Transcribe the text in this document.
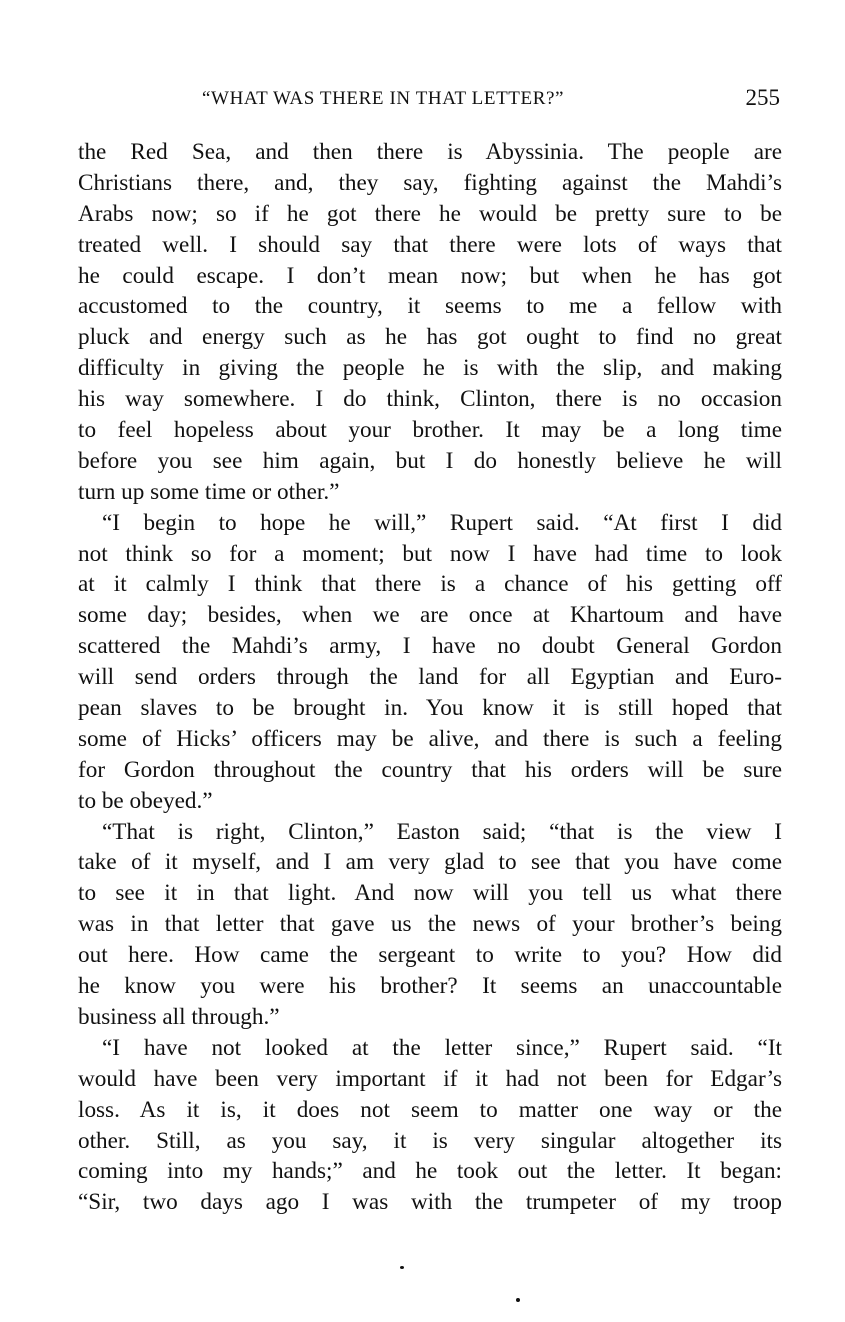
“WHAT WAS THERE IN THAT LETTER?”	255
the Red Sea, and then there is Abyssinia. The people are
Christians there, and, they say, fighting against the Mahdi’s
Arabs now; so if he got there he would be pretty sure to be
treated well. I should say that there were lots of ways that
he could escape. I don’t mean now; but when he has got
accustomed to the country, it seems to me a fellow with
pluck and energy such as he has got ought to find no great
difficulty in giving the people he is with the slip, and making
his way somewhere. I do think, Clinton, there is no occasion
to feel hopeless about your brother. It may be a long time
before you see him again, but I do honestly believe he will
turn up some time or other.”
“I begin to hope he will,” Rupert said. “At first I did
not think so for a moment; but now I have had time to look
at it calmly I think that there is a chance of his getting off
some day; besides, when we are once at Khartoum and have
scattered the Mahdi’s army, I have no doubt General Gordon
will send orders through the land for all Egyptian and Euro-
pean slaves to be brought in. You know it is still hoped that
some of Hicks’ officers may be alive, and there is such a feeling
for Gordon throughout the country that his orders will be sure
to be obeyed.”
“That is right, Clinton,” Easton said; “that is the view I
take of it myself, and I am very glad to see that you have come
to see it in that light. And now will you tell us what there
was in that letter that gave us the news of your brother’s being
out here. How came the sergeant to write to you? How did
he know you were his brother? It seems an unaccountable
business all through.”
“I have not looked at the letter since,” Rupert said. “It
would have been very important if it had not been for Edgar’s
loss. As it is, it does not seem to matter one way or the
other. Still, as you say, it is very singular altogether its
coming into my hands;” and he took out the letter. It began:
“Sir, two days ago I was with the trumpeter of my troop
